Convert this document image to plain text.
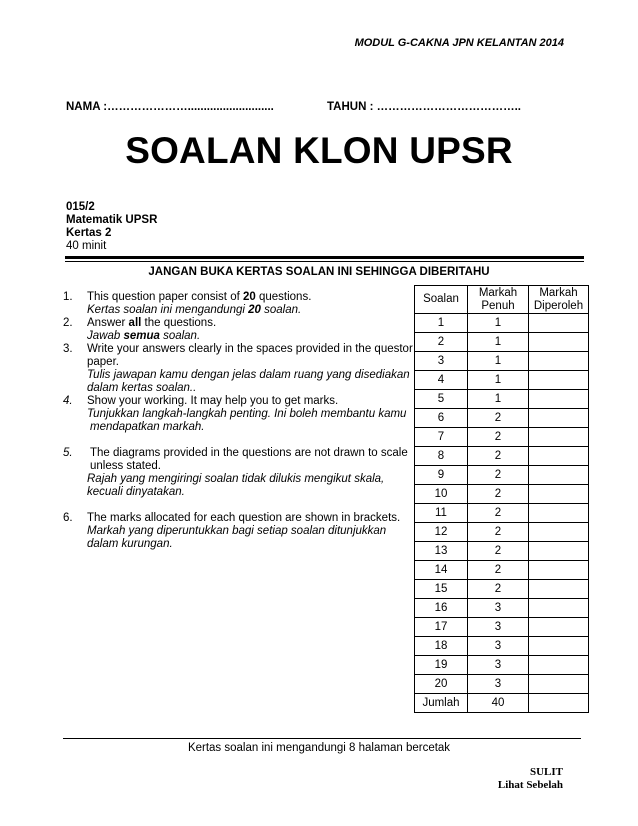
MODUL G-CAKNA JPN KELANTAN 2014
NAMA :…………………...........................	TAHUN : ………………………………..
SOALAN KLON UPSR
015/2
Matematik UPSR
Kertas 2
40 minit
JANGAN BUKA KERTAS SOALAN INI SEHINGGA DIBERITAHU
1. This question paper consist of 20 questions.
Kertas soalan ini mengandungi 20 soalan.
2. Answer all the questions.
Jawab semua soalan.
3. Write your answers clearly in the spaces provided in the questor paper.
Tulis jawapan kamu dengan jelas dalam ruang yang disediakan dalam kertas soalan..
4. Show your working. It may help you to get marks.
Tunjukkan langkah-langkah penting. Ini boleh membantu kamu
mendapatkan markah.
5. The diagrams provided in the questions are not drawn to scale
unless stated.
Rajah yang mengiringi soalan tidak dilukis mengikut skala,
kecuali dinyatakan.
6. The marks allocated for each question are shown in brackets.
Markah yang diperuntukkan bagi setiap soalan ditunjukkan
dalam kurungan.
Soalan	Markah Penuh	Markah Diperoleh
1	1	
2	1	
3	1	
4	1	
5	1	
6	2	
7	2	
8	2	
9	2	
10	2	
11	2	
12	2	
13	2	
14	2	
15	2	
16	3	
17	3	
18	3	
19	3	
20	3	
Jumlah	40	
Kertas soalan ini mengandungi 8 halaman bercetak
SULIT
Lihat Sebelah
